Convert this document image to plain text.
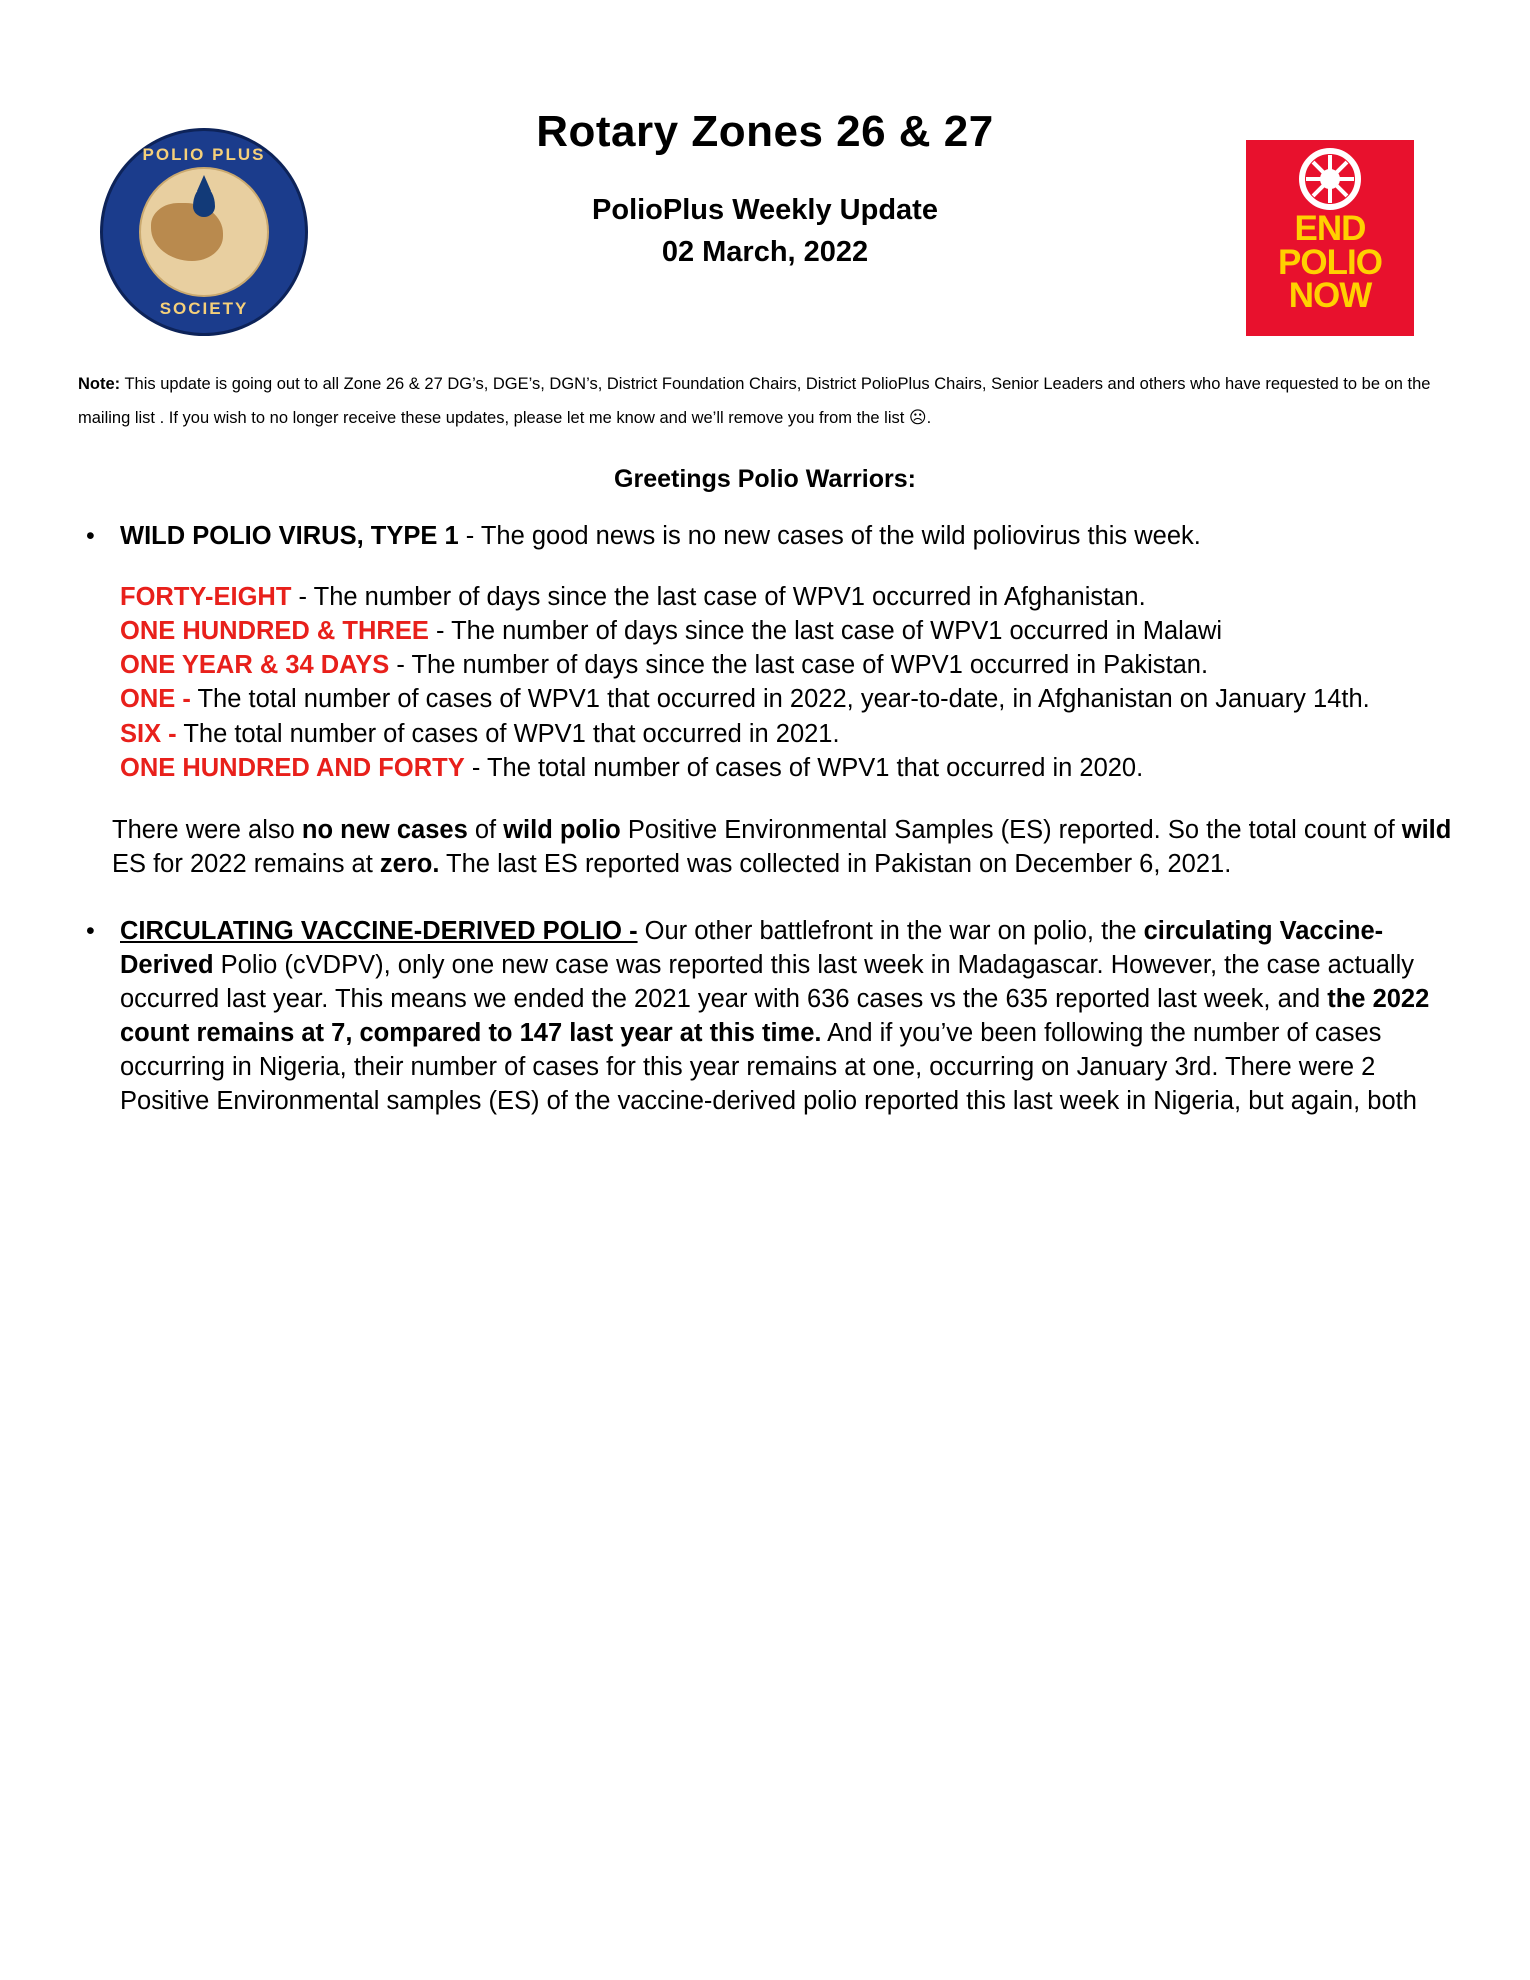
POLIO PLUS
SOCIETY
Rotary Zones 26 & 27
PolioPlus Weekly Update
02 March, 2022
END
POLIO
NOW
Note: This update is going out to all Zone 26 & 27 DG’s, DGE’s, DGN’s, District Foundation Chairs, District PolioPlus Chairs, Senior Leaders and others who have requested to be on the mailing list . If you wish to no longer receive these updates, please let me know and we’ll remove you from the list ☹.
Greetings Polio Warriors:
• WILD POLIO VIRUS, TYPE 1 - The good news is no new cases of the wild poliovirus this week.
FORTY-EIGHT - The number of days since the last case of WPV1 occurred in Afghanistan.
ONE HUNDRED & THREE - The number of days since the last case of WPV1 occurred in Malawi
ONE YEAR & 34 DAYS - The number of days since the last case of WPV1 occurred in Pakistan.
ONE - The total number of cases of WPV1 that occurred in 2022, year-to-date, in Afghanistan on January 14th.
SIX - The total number of cases of WPV1 that occurred in 2021.
ONE HUNDRED AND FORTY - The total number of cases of WPV1 that occurred in 2020.
There were also no new cases of wild polio Positive Environmental Samples (ES) reported. So the total count of wild ES for 2022 remains at zero. The last ES reported was collected in Pakistan on December 6, 2021.
• CIRCULATING VACCINE-DERIVED POLIO - Our other battlefront in the war on polio, the circulating Vaccine-Derived Polio (cVDPV), only one new case was reported this last week in Madagascar. However, the case actually occurred last year. This means we ended the 2021 year with 636 cases vs the 635 reported last week, and the 2022 count remains at 7, compared to 147 last year at this time. And if you’ve been following the number of cases occurring in Nigeria, their number of cases for this year remains at one, occurring on January 3rd. There were 2 Positive Environmental samples (ES) of the vaccine-derived polio reported this last week in Nigeria, but again, both
